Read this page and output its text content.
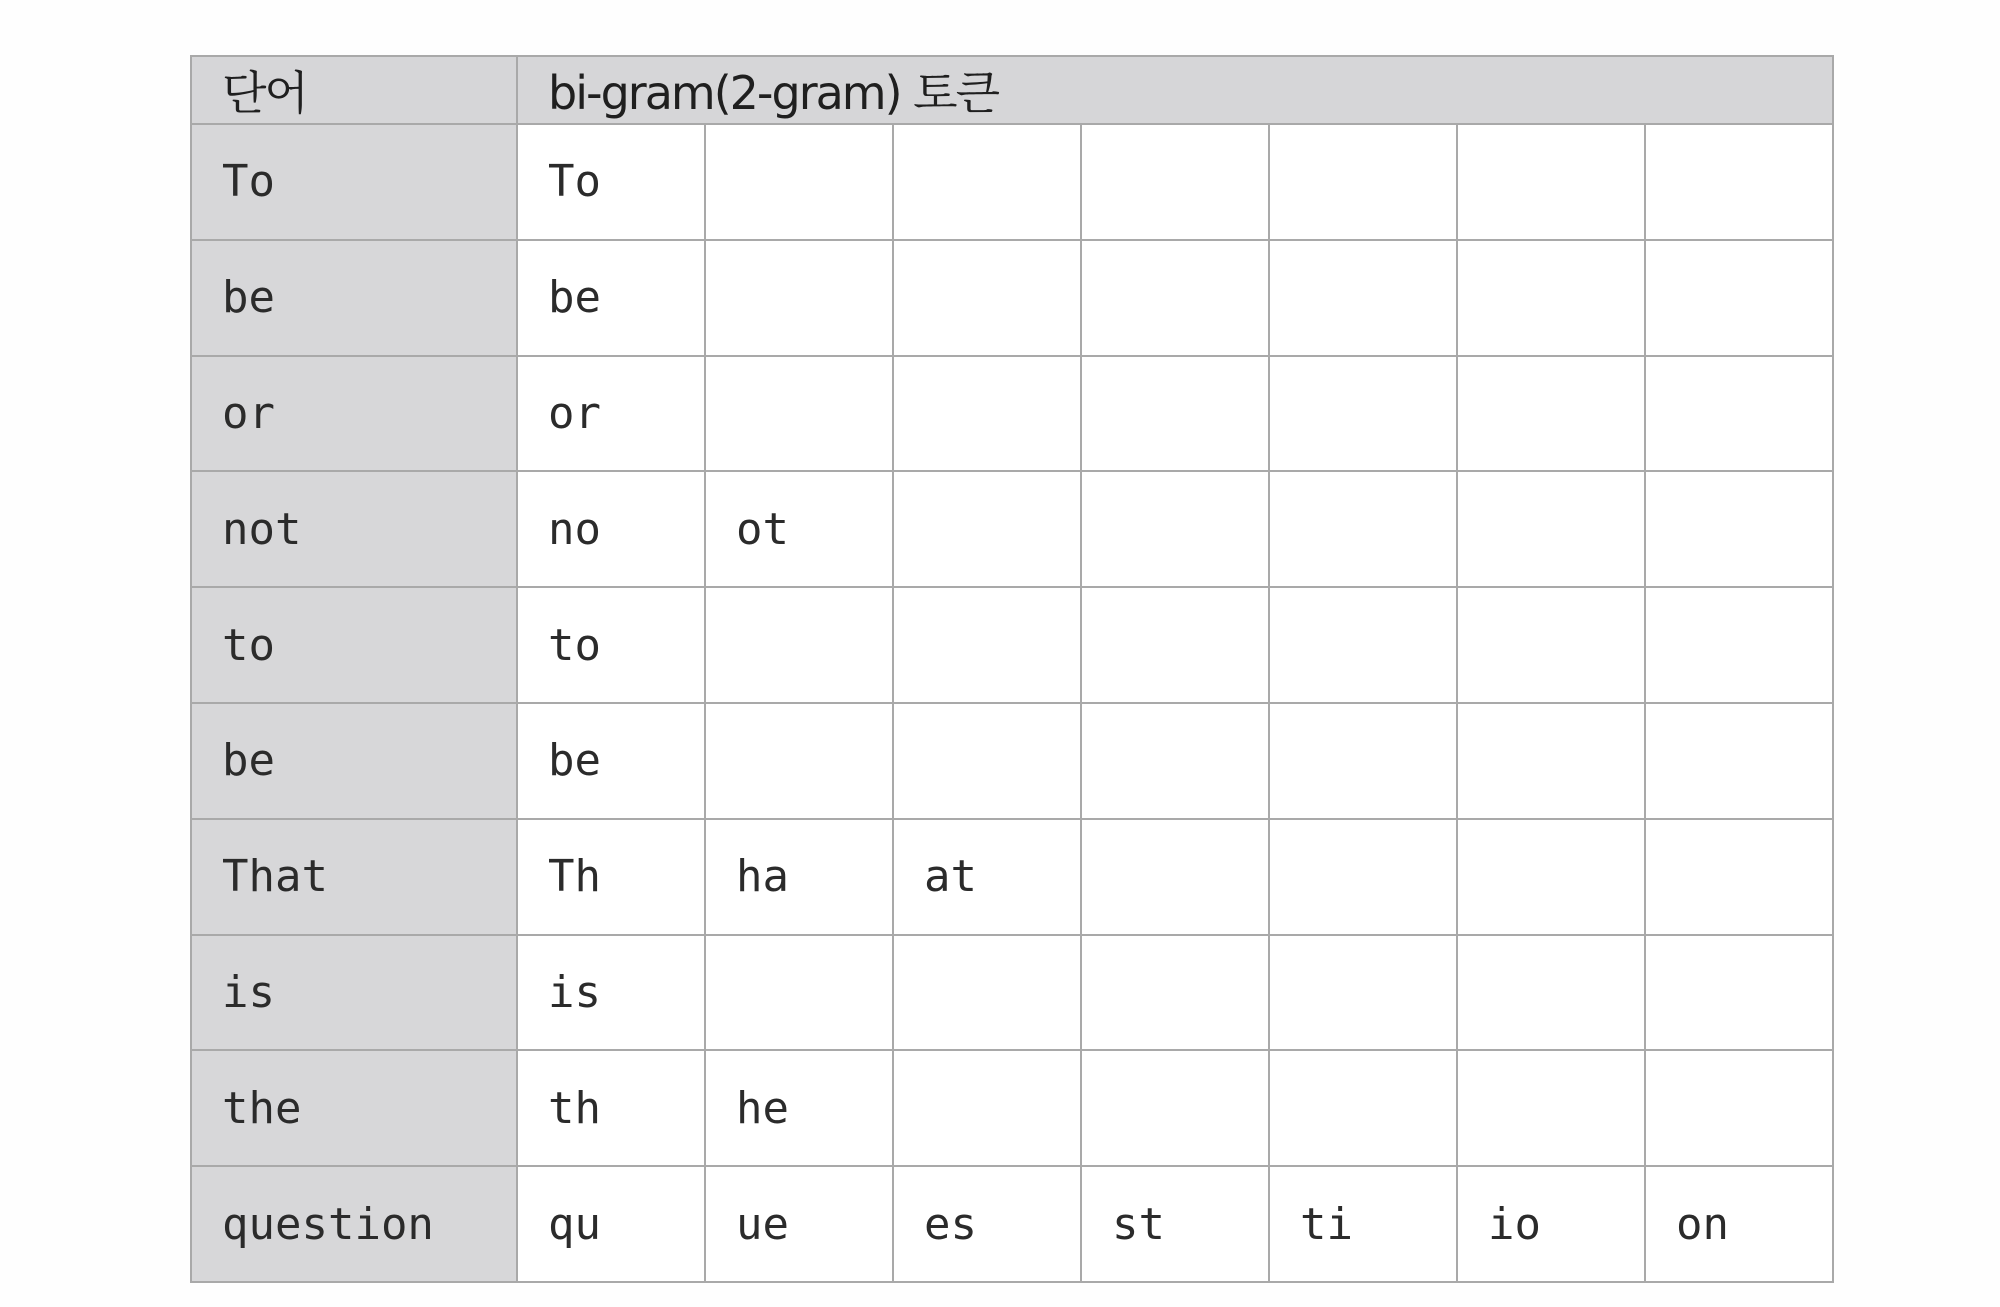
단어	bi-gram(2-gram) 토큰						
To	To						
be	be						
or	or						
not	no	ot					
to	to						
be	be						
That	Th	ha	at				
is	is						
the	th	he					
question	qu	ue	es	st	ti	io	on
